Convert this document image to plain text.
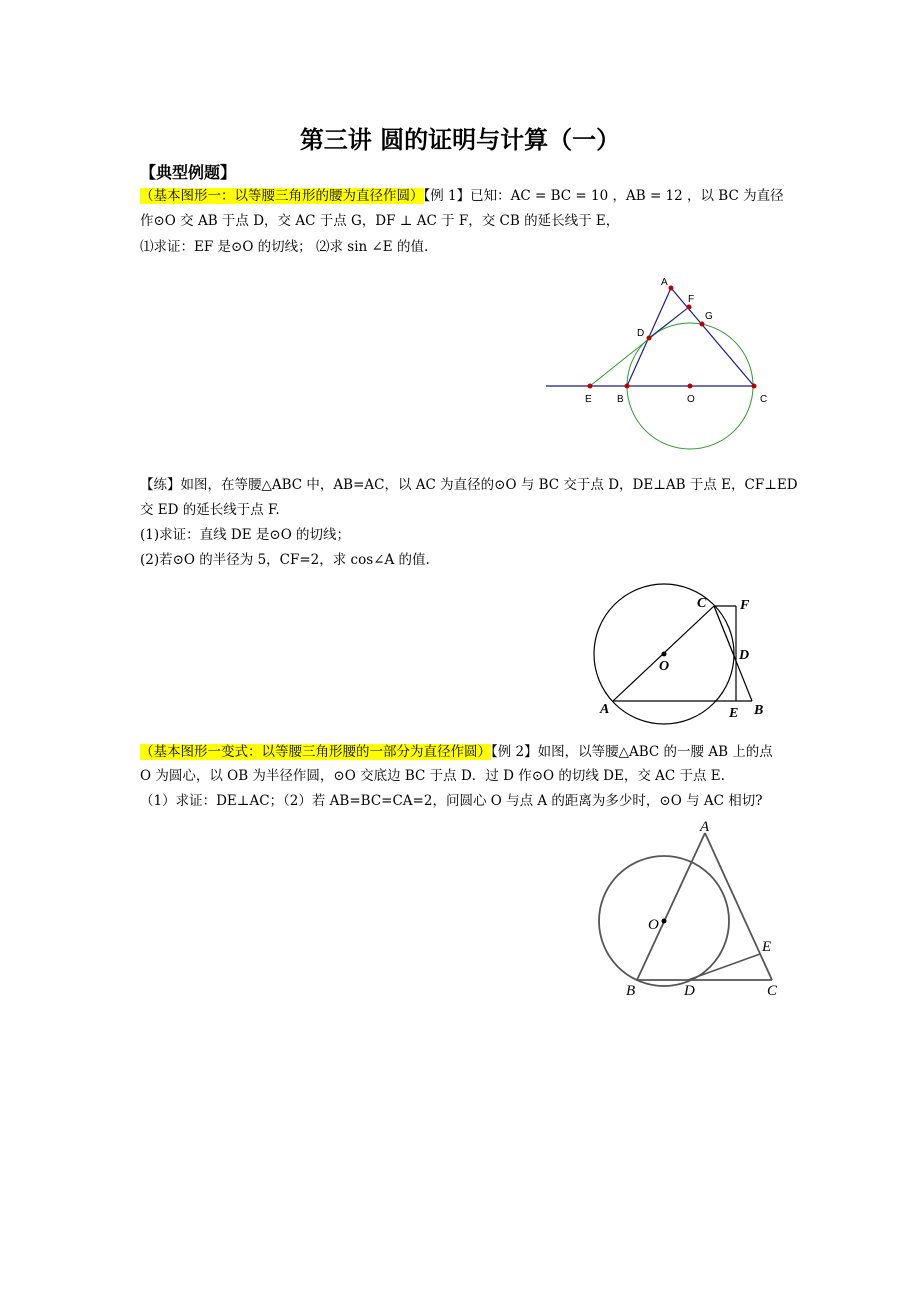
第三讲 圆的证明与计算（一）
【典型例题】
（基本图形一：以等腰三角形的腰为直径作圆）【例 1】已知：AC = BC = 10 ，AB = 12 ，以 BC 为直径
作⊙O 交 AB 于点 D，交 AC 于点 G，DF ⊥ AC 于 F，交 CB 的延长线于 E，
⑴求证：EF 是⊙O 的切线； ⑵求 sin ∠E 的值.
A
F
G
D
E	B	O	C
【练】如图，在等腰△ABC 中，AB=AC，以 AC 为直径的⊙O 与 BC 交于点 D，DE⊥AB 于点 E，CF⊥ED
交 ED 的延长线于点 F.
(1)求证：直线 DE 是⊙O 的切线；
(2)若⊙O 的半径为 5，CF=2，求 cos∠A 的值.
C F
O
D
A	E B
（基本图形一变式：以等腰三角形腰的一部分为直径作圆）【例 2】如图，以等腰△ABC 的一腰 AB 上的点
O 为圆心，以 OB 为半径作圆，⊙O 交底边 BC 于点 D．过 D 作⊙O 的切线 DE，交 AC 于点 E.
（1）求证：DE⊥AC；（2）若 AB=BC=CA=2，问圆心 O 与点 A 的距离为多少时，⊙O 与 AC 相切?
A
O
E
B	D	C
